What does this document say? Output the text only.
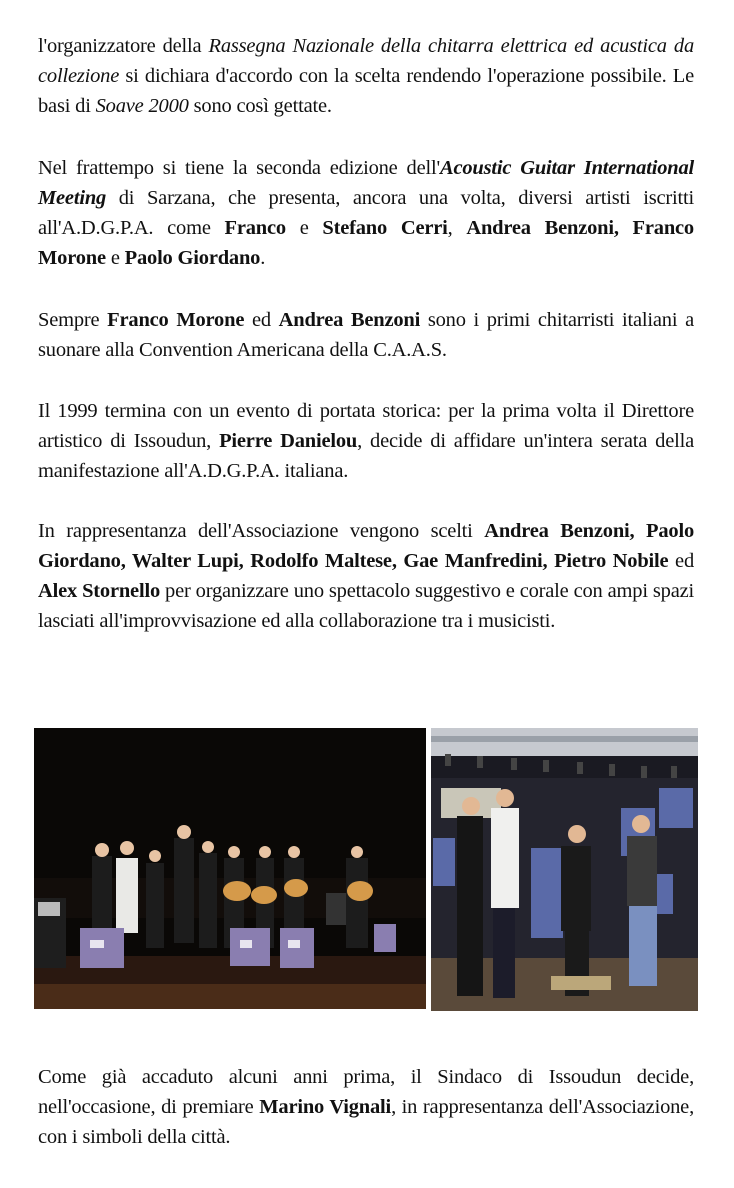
l'organizzatore della Rassegna Nazionale della chitarra elettrica ed acustica da collezione si dichiara d'accordo con la scelta rendendo l'operazione possibile. Le basi di Soave 2000 sono così gettate.

Nel frattempo si tiene la seconda edizione dell'Acoustic Guitar International Meeting di Sarzana, che presenta, ancora una volta, diversi artisti iscritti all'A.D.G.P.A. come Franco e Stefano Cerri, Andrea Benzoni, Franco Morone e Paolo Giordano.

Sempre Franco Morone ed Andrea Benzoni sono i primi chitarristi italiani a suonare alla Convention Americana della C.A.A.S.

Il 1999 termina con un evento di portata storica: per la prima volta il Direttore artistico di Issoudun, Pierre Danielou, decide di affidare un'intera serata della manifestazione all'A.D.G.P.A. italiana.

In rappresentanza dell'Associazione vengono scelti Andrea Benzoni, Paolo Giordano, Walter Lupi, Rodolfo Maltese, Gae Manfredini, Pietro Nobile ed Alex Stornello per organizzare uno spettacolo suggestivo e corale con ampi spazi lasciati all'improvvisazione ed alla collaborazione tra i musicisti.

Come già accaduto alcuni anni prima, il Sindaco di Issoudun decide, nell'occasione, di premiare Marino Vignali, in rappresentanza dell'Associazione, con i simboli della città.
